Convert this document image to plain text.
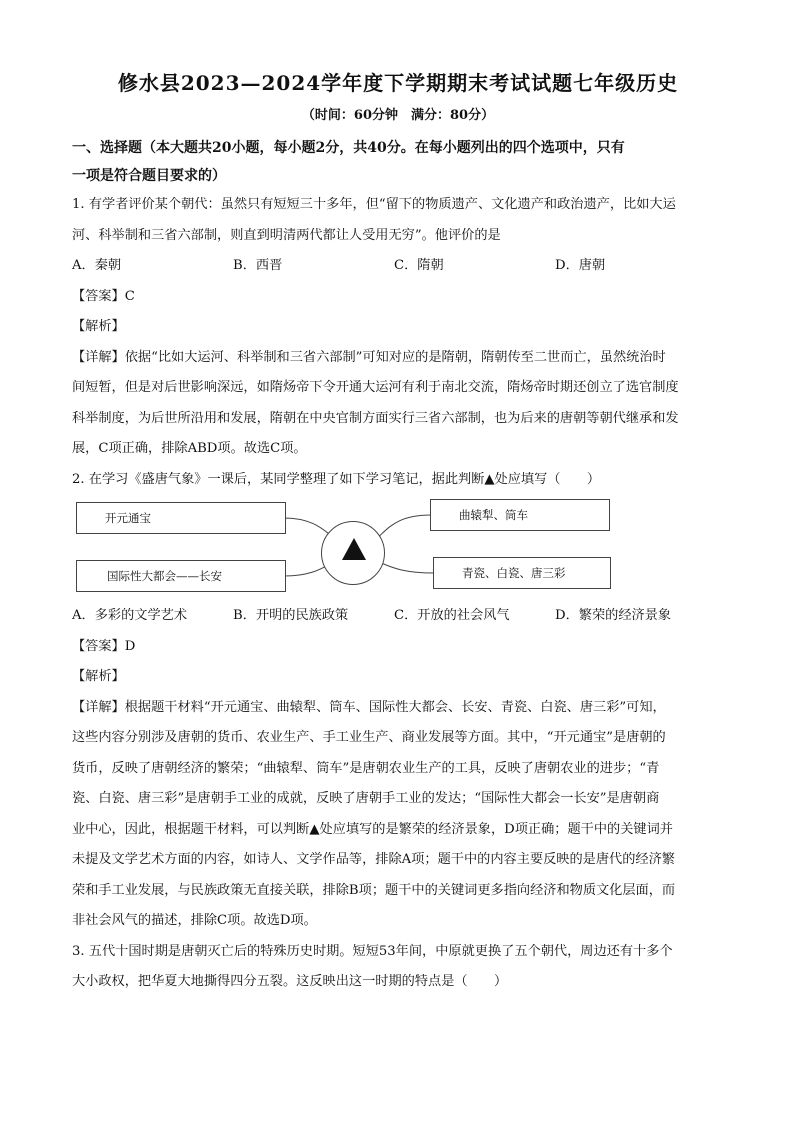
修水县2023—2024学年度下学期期末考试试题七年级历史
（时间：60分钟　满分：80分）
一、选择题（本大题共20小题，每小题2分，共40分。在每小题列出的四个选项中，只有
一项是符合题目要求的）

1. 有学者评价某个朝代：虽然只有短短三十多年，但“留下的物质遗产、文化遗产和政治遗产，比如大运

河、科举制和三省六部制，则直到明清两代都让人受用无穷”。他评价的是

A．秦朝	B．西晋	C．隋朝	D．唐朝
【答案】C
【解析】

【详解】依据“比如大运河、科举制和三省六部制”可知对应的是隋朝，隋朝传至二世而亡，虽然统治时

间短暂，但是对后世影响深远，如隋炀帝下令开通大运河有利于南北交流，隋炀帝时期还创立了选官制度

科举制度，为后世所沿用和发展，隋朝在中央官制方面实行三省六部制，也为后来的唐朝等朝代继承和发

展，C项正确，排除ABD项。故选C项。

2. 在学习《盛唐气象》一课后，某同学整理了如下学习笔记，据此判断▲处应填写（　　）

开元通宝
国际性大都会——长安
曲辕犁、筒车
青瓷、白瓷、唐三彩
A．多彩的文学艺术	B．开明的民族政策	C．开放的社会风气	D．繁荣的经济景象
【答案】D
【解析】

【详解】根据题干材料“开元通宝、曲辕犁、筒车、国际性大都会、长安、青瓷、白瓷、唐三彩”可知，

这些内容分别涉及唐朝的货币、农业生产、手工业生产、商业发展等方面。其中，“开元通宝”是唐朝的

货币，反映了唐朝经济的繁荣；“曲辕犁、筒车”是唐朝农业生产的工具，反映了唐朝农业的进步；“青

瓷、白瓷、唐三彩”是唐朝手工业的成就，反映了唐朝手工业的发达；“国际性大都会一长安”是唐朝商

业中心，因此，根据题干材料，可以判断▲处应填写的是繁荣的经济景象，D项正确；题干中的关键词并

未提及文学艺术方面的内容，如诗人、文学作品等，排除A项；题干中的内容主要反映的是唐代的经济繁

荣和手工业发展，与民族政策无直接关联，排除B项；题干中的关键词更多指向经济和物质文化层面，而

非社会风气的描述，排除C项。故选D项。

3. 五代十国时期是唐朝灭亡后的特殊历史时期。短短53年间，中原就更换了五个朝代，周边还有十多个

大小政权，把华夏大地撕得四分五裂。这反映出这一时期的特点是（　　）
